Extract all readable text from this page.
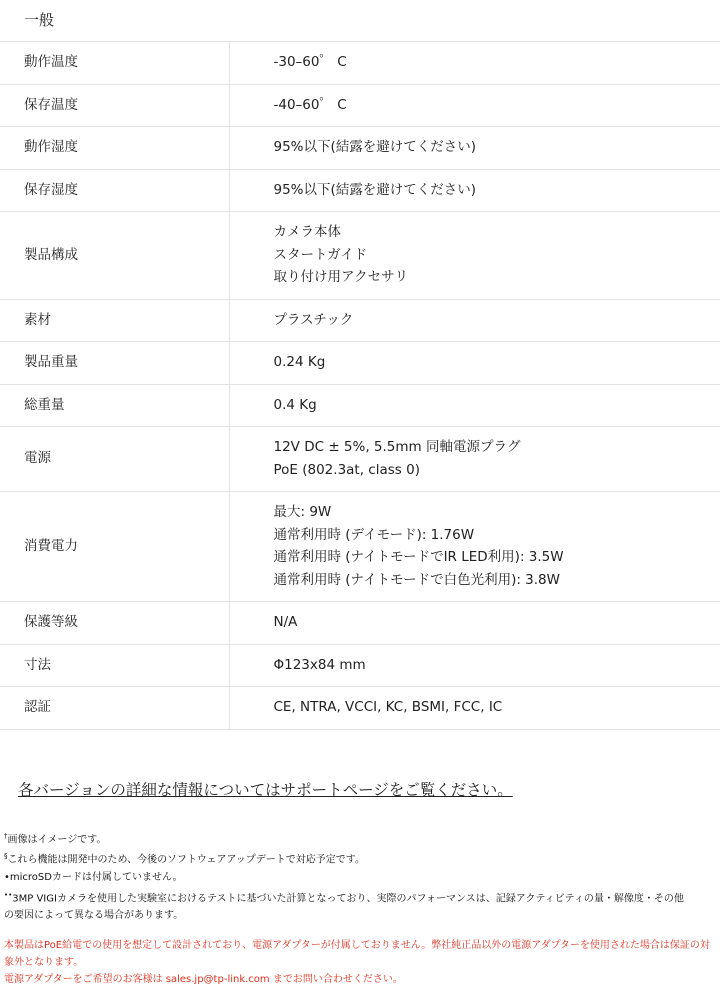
一般
動作温度	-30–60゜ C

保存温度	-40–60゜ C

動作湿度	95%以下(結露を避けてください)

保存湿度	95%以下(結露を避けてください)

製品構成	カメラ本体
スタートガイド
取り付け用アクセサリ

素材	プラスチック

製品重量	0.24 Kg

総重量	0.4 Kg

電源	12V DC ± 5%, 5.5mm 同軸電源プラグ
PoE (802.3at, class 0)

消費電力	最大: 9W
通常利用時 (デイモード): 1.76W
通常利用時 (ナイトモードでIR LED利用): 3.5W
通常利用時 (ナイトモードで白色光利用): 3.8W

保護等級	N/A

寸法	Φ123x84 mm

認証	CE, NTRA, VCCI, KC, BSMI, FCC, IC
各バージョンの詳細な情報についてはサポートページをご覧ください。
†画像はイメージです。
§これら機能は開発中のため、今後のソフトウェアアップデートで対応予定です。
•microSDカードは付属していません。
••3MP VIGIカメラを使用した実験室におけるテストに基づいた計算となっており、実際のパフォーマンスは、記録アクティビティの量・解像度・その他
の要因によって異なる場合があります。
本製品はPoE給電での使用を想定して設計されており、電源アダプターが付属しておりません。弊社純正品以外の電源アダプターを使用された場合は保証の対象外となります。
電源アダプターをご希望のお客様は sales.jp@tp-link.com までお問い合わせください。
